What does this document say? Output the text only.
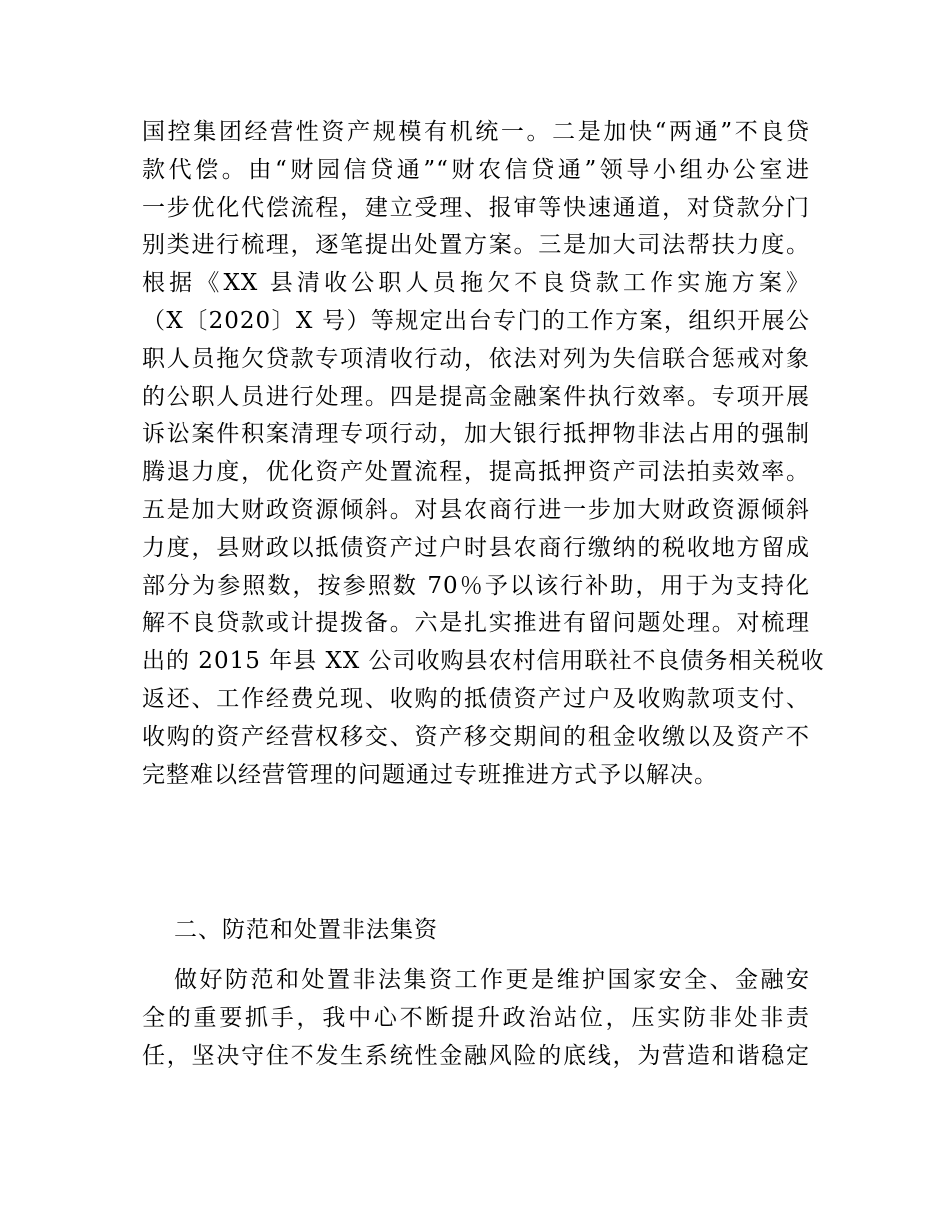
国控集团经营性资产规模有机统一。二是加快“两通”不良贷
款代偿。由“财园信贷通”“财农信贷通”领导小组办公室进
一步优化代偿流程，建立受理、报审等快速通道，对贷款分门
别类进行梳理，逐笔提出处置方案。三是加大司法帮扶力度。
根据《XX 县清收公职人员拖欠不良贷款工作实施方案》
（X〔2020〕X 号）等规定出台专门的工作方案，组织开展公
职人员拖欠贷款专项清收行动，依法对列为失信联合惩戒对象
的公职人员进行处理。四是提高金融案件执行效率。专项开展
诉讼案件积案清理专项行动，加大银行抵押物非法占用的强制
腾退力度，优化资产处置流程，提高抵押资产司法拍卖效率。
五是加大财政资源倾斜。对县农商行进一步加大财政资源倾斜
力度，县财政以抵债资产过户时县农商行缴纳的税收地方留成
部分为参照数，按参照数 70％予以该行补助，用于为支持化
解不良贷款或计提拨备。六是扎实推进有留问题处理。对梳理
出的 2015 年县 XX 公司收购县农村信用联社不良债务相关税收
返还、工作经费兑现、收购的抵债资产过户及收购款项支付、
收购的资产经营权移交、资产移交期间的租金收缴以及资产不
完整难以经营管理的问题通过专班推进方式予以解决。
二、防范和处置非法集资
做好防范和处置非法集资工作更是维护国家安全、金融安
全的重要抓手，我中心不断提升政治站位，压实防非处非责
任，坚决守住不发生系统性金融风险的底线，为营造和谐稳定
